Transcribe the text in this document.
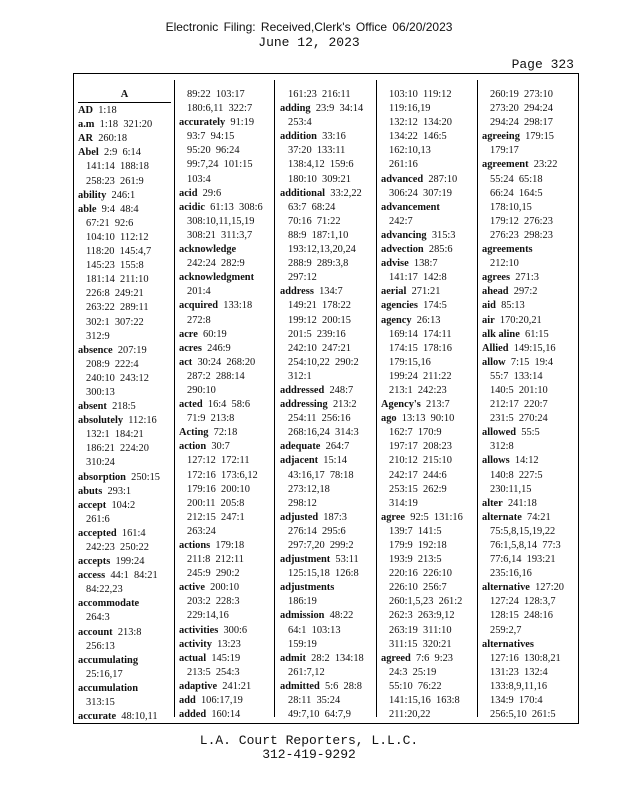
Electronic Filing: Received,Clerk's Office 06/20/2023
June 12, 2023
Page 323
A
AD  1:18
a.m  1:18  321:20
AR  260:18
Abel  2:9  6:14
141:14  188:18
258:23  261:9
ability  246:1
able  9:4  48:4
67:21  92:6
104:10  112:12
118:20  145:4,7
145:23  155:8
181:14  211:10
226:8  249:21
263:22  289:11
302:1  307:22
312:9
absence  207:19
208:9  222:4
240:10  243:12
300:13
absent  218:5
absolutely  112:16
132:1  184:21
186:21  224:20
310:24
absorption  250:15
abuts  293:1
accept  104:2
261:6
accepted  161:4
242:23  250:22
accepts  199:24
access  44:1  84:21
84:22,23
accommodate
264:3
account  213:8
256:13
accumulating
25:16,17
accumulation
313:15
accurate  48:10,11
89:22  103:17
180:6,11  322:7
accurately  91:19
93:7  94:15
95:20  96:24
99:7,24  101:15
103:4
acid  29:6
acidic  61:13  308:6
308:10,11,15,19
308:21  311:3,7
acknowledge
242:24  282:9
acknowledgment
201:4
acquired  133:18
272:8
acre  60:19
acres  246:9
act  30:24  268:20
287:2  288:14
290:10
acted  16:4  58:6
71:9  213:8
Acting  72:18
action  30:7
127:12  172:11
172:16  173:6,12
179:16  200:10
200:11  205:8
212:15  247:1
263:24
actions  179:18
211:8  212:11
245:9  290:2
active  200:10
203:2  228:3
229:14,16
activities  300:6
activity  13:23
actual  145:19
213:5  254:3
adaptive  241:21
add  106:17,19
added  160:14
161:23  216:11
adding  23:9  34:14
253:4
addition  33:16
37:20  133:11
138:4,12  159:6
180:10  309:21
additional  33:2,22
63:7  68:24
70:16  71:22
88:9  187:1,10
193:12,13,20,24
288:9  289:3,8
297:12
address  134:7
149:21  178:22
199:12  200:15
201:5  239:16
242:10  247:21
254:10,22  290:2
312:1
addressed  248:7
addressing  213:2
254:11  256:16
268:16,24  314:3
adequate  264:7
adjacent  15:14
43:16,17  78:18
273:12,18
298:12
adjusted  187:3
276:14  295:6
297:7,20  299:2
adjustment  53:11
125:15,18  126:8
adjustments
186:19
admission  48:22
64:1  103:13
159:19
admit  28:2  134:18
261:7,12
admitted  5:6  28:8
28:11  35:24
49:7,10  64:7,9
103:10  119:12
119:16,19
132:12  134:20
134:22  146:5
162:10,13
261:16
advanced  287:10
306:24  307:19
advancement
242:7
advancing  315:3
advection  285:6
advise  138:7
141:17  142:8
aerial  271:21
agencies  174:5
agency  26:13
169:14  174:11
174:15  178:16
179:15,16
199:24  211:22
213:1  242:23
Agency's  213:7
ago  13:13  90:10
162:7  170:9
197:17  208:23
210:12  215:10
242:17  244:6
253:15  262:9
314:19
agree  92:5  131:16
139:7  141:5
179:9  192:18
193:9  213:5
220:16  226:10
226:10  256:7
260:1,5,23  261:2
262:3  263:9,12
263:19  311:10
311:15  320:21
agreed  7:6  9:23
24:3  25:19
55:10  76:22
141:15,16  163:8
211:20,22
260:19  273:10
273:20  294:24
294:24  298:17
agreeing  179:15
179:17
agreement  23:22
55:24  65:18
66:24  164:5
178:10,15
179:12  276:23
276:23  298:23
agreements
212:10
agrees  271:3
ahead  297:2
aid  85:13
air  170:20,21
alk aline  61:15
Allied  149:15,16
allow  7:15  19:4
55:7  133:14
140:5  201:10
212:17  220:7
231:5  270:24
allowed  55:5
312:8
allows  14:12
140:8  227:5
230:11,15
alter  241:18
alternate  74:21
75:5,8,15,19,22
76:1,5,8,14  77:3
77:6,14  193:21
235:16,16
alternative  127:20
127:24  128:3,7
128:15  248:16
259:2,7
alternatives
127:16  130:8,21
131:23  132:4
133:8,9,11,16
134:9  170:4
256:5,10  261:5
L.A. Court Reporters, L.L.C.
312-419-9292
